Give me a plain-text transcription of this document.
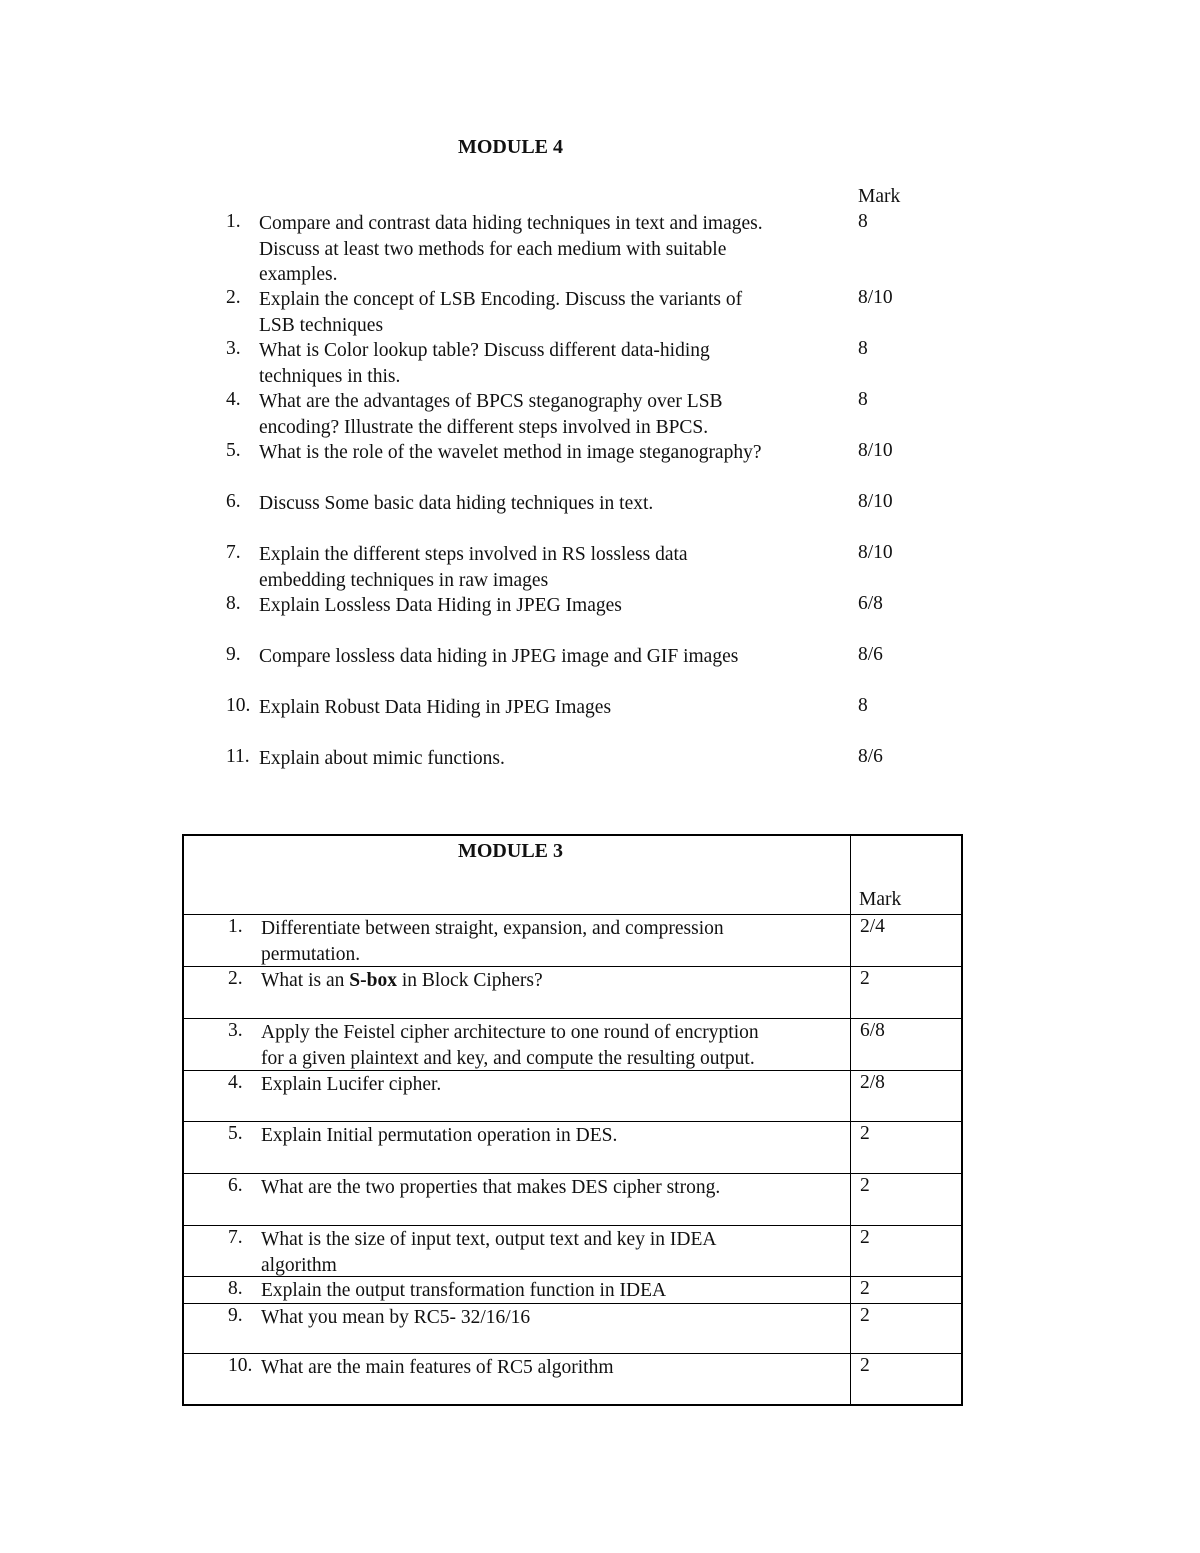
MODULE 4
Mark
1. Compare and contrast data hiding techniques in text and images.
Discuss at least two methods for each medium with suitable
examples.
8
2. Explain the concept of LSB Encoding. Discuss the variants of
LSB techniques
8/10
3. What is Color lookup table? Discuss different data-hiding
techniques in this.
8
4. What are the advantages of BPCS steganography over LSB
encoding? Illustrate the different steps involved in BPCS.
8
5. What is the role of the wavelet method in image steganography?	8/10
6. Discuss Some basic data hiding techniques in text.	8/10
7. Explain the different steps involved in RS lossless data
embedding techniques in raw images
8/10
8. Explain Lossless Data Hiding in JPEG Images	6/8
9. Compare lossless data hiding in JPEG image and GIF images	8/6
10. Explain Robust Data Hiding in JPEG Images	8
11. Explain about mimic functions.	8/6
MODULE 3
Mark
1. Differentiate between straight, expansion, and compression
permutation.
2/4
2. What is an S-box in Block Ciphers?	2
3. Apply the Feistel cipher architecture to one round of encryption
for a given plaintext and key, and compute the resulting output.
6/8
4. Explain Lucifer cipher.	2/8
5. Explain Initial permutation operation in DES.	2
6. What are the two properties that makes DES cipher strong.	2
7. What is the size of input text, output text and key in IDEA
algorithm
2
8. Explain the output transformation function in IDEA	2
9. What you mean by RC5- 32/16/16	2
10. What are the main features of RC5 algorithm	2
